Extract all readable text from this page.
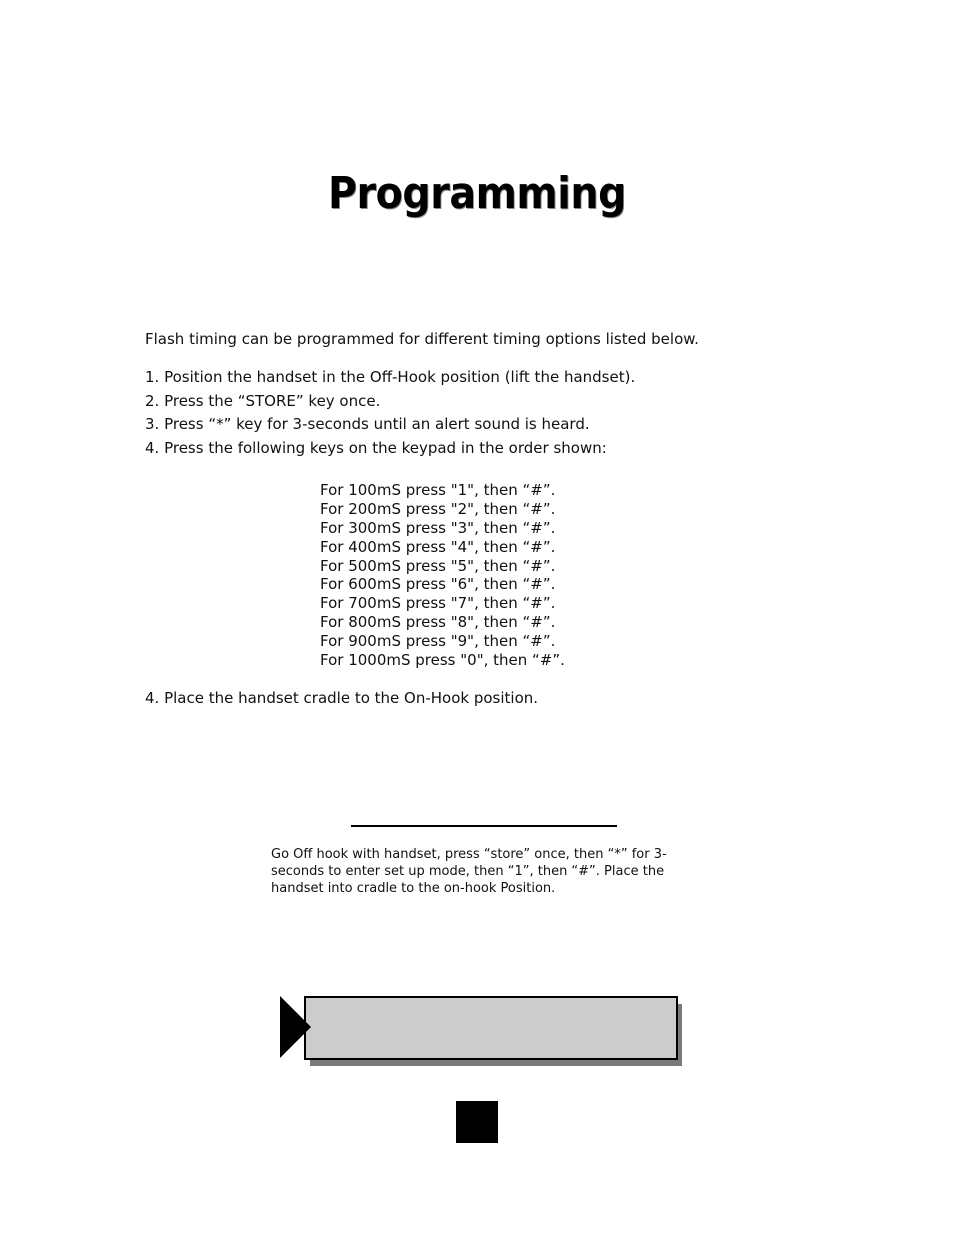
Programming
Flash timing can be programmed for different timing options listed below.
1. Position the handset in the Off-Hook position (lift the handset).
2. Press the “STORE” key once.
3. Press “*” key for 3-seconds until an alert sound is heard.
4. Press the following keys on the keypad in the order shown:
For 100mS press "1", then “#”.
For 200mS press "2", then “#”.
For 300mS press "3", then “#”.
For 400mS press "4", then “#”.
For 500mS press "5", then “#”.
For 600mS press "6", then “#”.
For 700mS press "7", then “#”.
For 800mS press "8", then “#”.
For 900mS press "9", then “#”.
For 1000mS press "0", then “#”.
4. Place the handset cradle to the On-Hook position.
Go Off hook with handset, press “store” once, then “*” for 3-seconds to enter set up mode, then “1”, then “#”. Place the handset into cradle to the on-hook Position.
